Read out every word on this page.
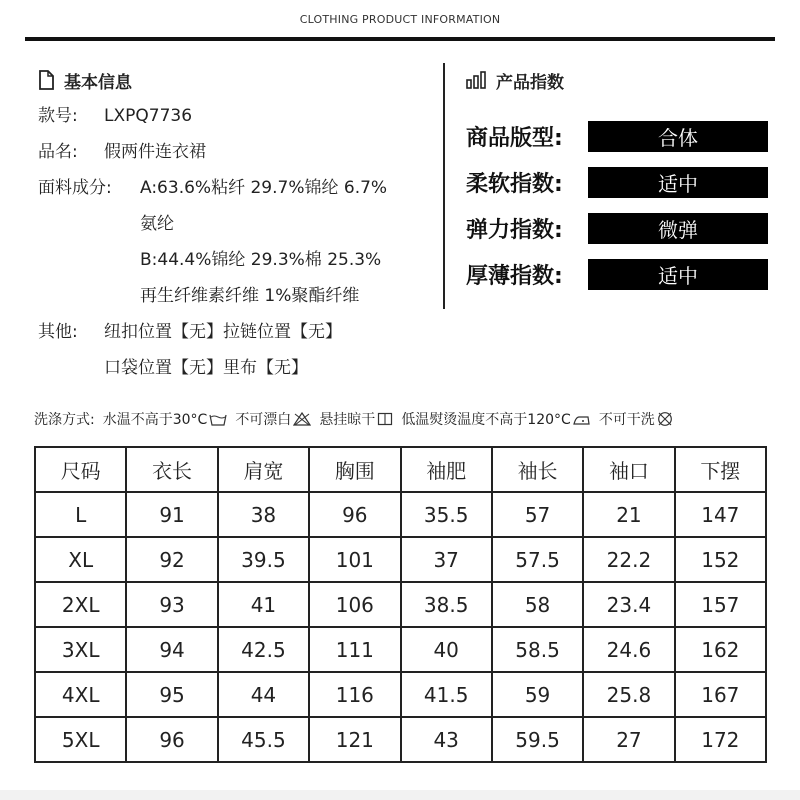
CLOTHING PRODUCT INFORMATION
基本信息
款号:	LXPQ7736
品名:	假两件连衣裙
面料成分:	A:63.6%粘纤 29.7%锦纶 6.7%
氨纶
B:44.4%锦纶 29.3%棉 25.3%
再生纤维素纤维 1%聚酯纤维
其他:	纽扣位置【无】拉链位置【无】
口袋位置【无】里布【无】
产品指数
商品版型:	合体
柔软指数:	适中
弹力指数:	微弹
厚薄指数:	适中
洗涤方式: 水温不高于30°C 不可漂白 悬挂晾干 低温熨烫温度不高于120°C 不可干洗
尺码	衣长	肩宽	胸围	袖肥	袖长	袖口	下摆
L	91	38	96	35.5	57	21	147
XL	92	39.5	101	37	57.5	22.2	152
2XL	93	41	106	38.5	58	23.4	157
3XL	94	42.5	111	40	58.5	24.6	162
4XL	95	44	116	41.5	59	25.8	167
5XL	96	45.5	121	43	59.5	27	172
